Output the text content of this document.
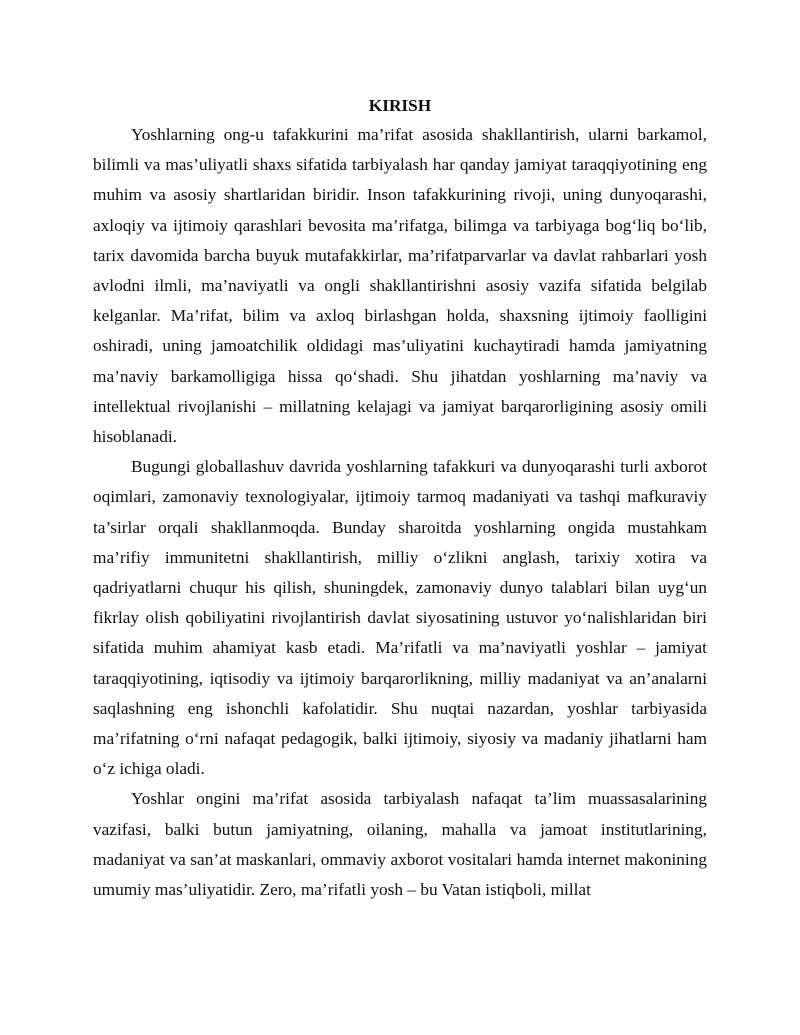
KIRISH

Yoshlarning ong-u tafakkurini ma’rifat asosida shakllantirish, ularni barkamol, bilimli va mas’uliyatli shaxs sifatida tarbiyalash har qanday jamiyat taraqqiyotining eng muhim va asosiy shartlaridan biridir. Inson tafakkurining rivoji, uning dunyoqarashi, axloqiy va ijtimoiy qarashlari bevosita ma’rifatga, bilimga va tarbiyaga bog‘liq bo‘lib, tarix davomida barcha buyuk mutafakkirlar, ma’rifatparvarlar va davlat rahbarlari yosh avlodni ilmli, ma’naviyatli va ongli shakllantirishni asosiy vazifa sifatida belgilab kelganlar. Ma’rifat, bilim va axloq birlashgan holda, shaxsning ijtimoiy faolligini oshiradi, uning jamoatchilik oldidagi mas’uliyatini kuchaytiradi hamda jamiyatning ma’naviy barkamolligiga hissa qo‘shadi. Shu jihatdan yoshlarning ma’naviy va intellektual rivojlanishi – millatning kelajagi va jamiyat barqarorligining asosiy omili hisoblanadi.

Bugungi globallashuv davrida yoshlarning tafakkuri va dunyoqarashi turli axborot oqimlari, zamonaviy texnologiyalar, ijtimoiy tarmoq madaniyati va tashqi mafkuraviy ta’sirlar orqali shakllanmoqda. Bunday sharoitda yoshlarning ongida mustahkam ma’rifiy immunitetni shakllantirish, milliy o‘zlikni anglash, tarixiy xotira va qadriyatlarni chuqur his qilish, shuningdek, zamonaviy dunyo talablari bilan uyg‘un fikrlay olish qobiliyatini rivojlantirish davlat siyosatining ustuvor yo‘nalishlaridan biri sifatida muhim ahamiyat kasb etadi. Ma’rifatli va ma’naviyatli yoshlar – jamiyat taraqqiyotining, iqtisodiy va ijtimoiy barqarorlikning, milliy madaniyat va an’analarni saqlashning eng ishonchli kafolatidir. Shu nuqtai nazardan, yoshlar tarbiyasida ma’rifatning o‘rni nafaqat pedagogik, balki ijtimoiy, siyosiy va madaniy jihatlarni ham o‘z ichiga oladi.

Yoshlar ongini ma’rifat asosida tarbiyalash nafaqat ta’lim muassasalarining vazifasi, balki butun jamiyatning, oilaning, mahalla va jamoat institutlarining, madaniyat va san’at maskanlari, ommaviy axborot vositalari hamda internet makonining umumiy mas’uliyatidir. Zero, ma’rifatli yosh – bu Vatan istiqboli, millat
